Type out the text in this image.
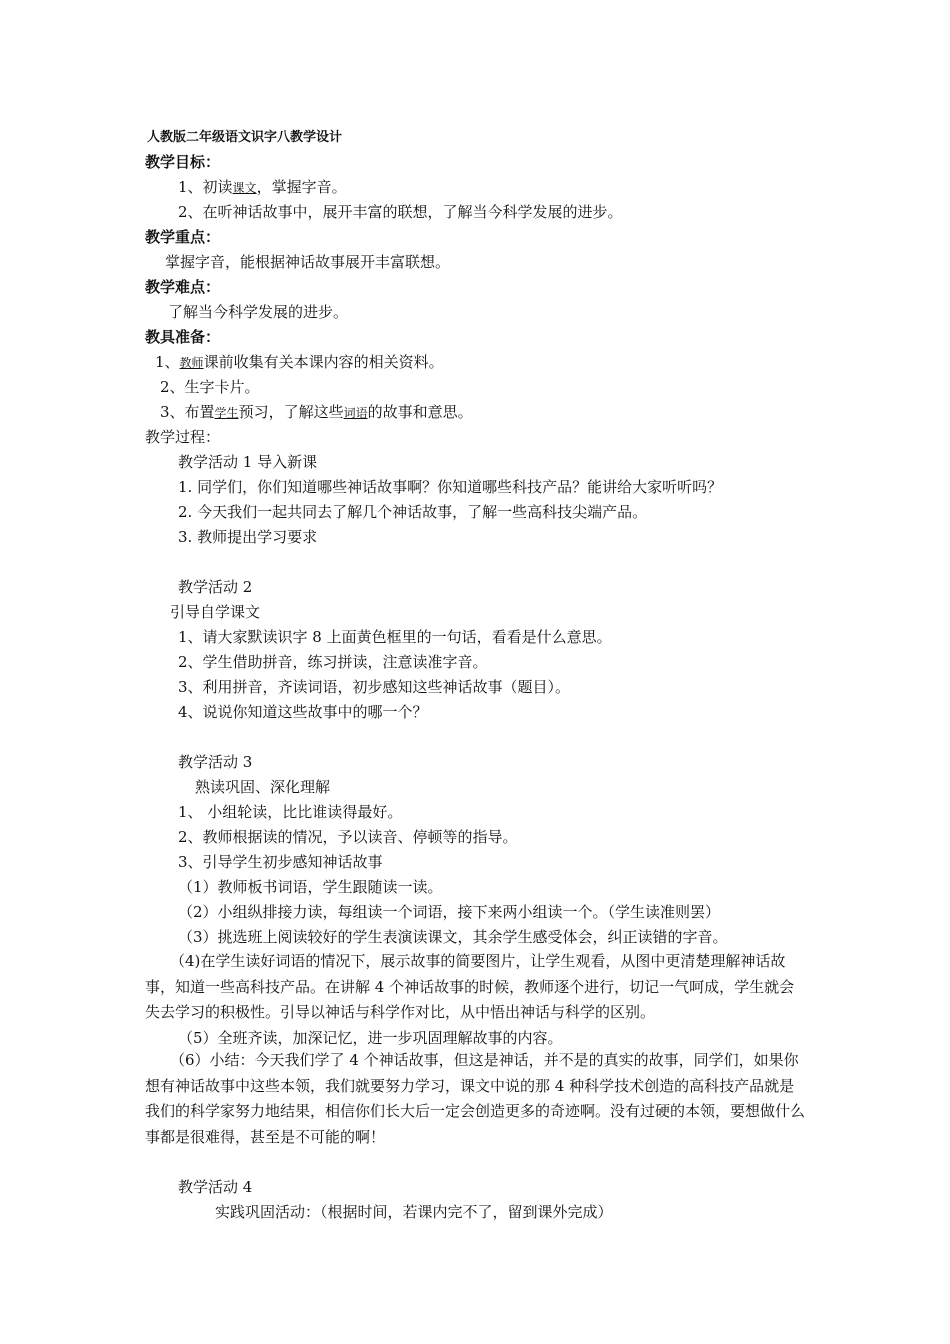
人教版二年级语文识字八教学设计
教学目标：
1、初读课文，掌握字音。
2、在听神话故事中，展开丰富的联想，了解当今科学发展的进步。
教学重点：
掌握字音，能根据神话故事展开丰富联想。
教学难点：
了解当今科学发展的进步。
教具准备：
1、教师课前收集有关本课内容的相关资料。
2、生字卡片。
3、布置学生预习，了解这些词语的故事和意思。
教学过程：
教学活动 1 导入新课
1. 同学们，你们知道哪些神话故事啊？你知道哪些科技产品？能讲给大家听听吗？
2. 今天我们一起共同去了解几个神话故事，了解一些高科技尖端产品。
3. 教师提出学习要求
教学活动 2
引导自学课文
1、请大家默读识字 8 上面黄色框里的一句话，看看是什么意思。
2、学生借助拼音，练习拼读，注意读准字音。
3、利用拼音，齐读词语，初步感知这些神话故事（题目）。
4、说说你知道这些故事中的哪一个？
教学活动 3
熟读巩固、深化理解
1、 小组轮读，比比谁读得最好。
2、教师根据读的情况，予以读音、停顿等的指导。
3、引导学生初步感知神话故事
（1）教师板书词语，学生跟随读一读。
（2）小组纵排接力读，每组读一个词语，接下来两小组读一个。（学生读准则罢）
（3）挑选班上阅读较好的学生表演读课文，其余学生感受体会，纠正读错的字音。
（4)在学生读好词语的情况下，展示故事的简要图片，让学生观看，从图中更清楚理解神话故事，知道一些高科技产品。在讲解 4 个神话故事的时候，教师逐个进行，切记一气呵成，学生就会失去学习的积极性。引导以神话与科学作对比，从中悟出神话与科学的区别。
（5）全班齐读，加深记忆，进一步巩固理解故事的内容。
（6）小结：今天我们学了 4 个神话故事，但这是神话，并不是的真实的故事，同学们，如果你想有神话故事中这些本领，我们就要努力学习，课文中说的那 4 种科学技术创造的高科技产品就是我们的科学家努力地结果，相信你们长大后一定会创造更多的奇迹啊。没有过硬的本领，要想做什么事都是很难得，甚至是不可能的啊！
教学活动 4
实践巩固活动：（根据时间，若课内完不了，留到课外完成）
